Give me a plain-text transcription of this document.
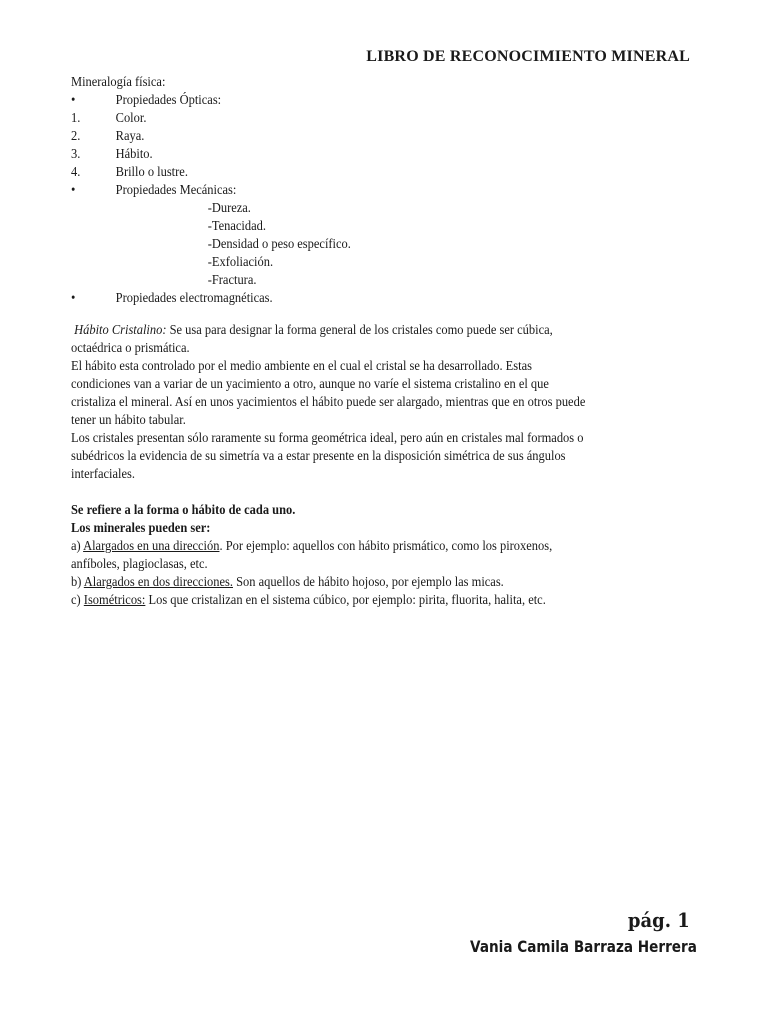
LIBRO DE RECONOCIMIENTO MINERAL
Mineralogía física:
•	Propiedades Ópticas:
1.	Color.
2.	Raya.
3.	Hábito.
4.	Brillo o lustre.
•	Propiedades Mecánicas:
-Dureza.
-Tenacidad.
-Densidad o peso específico.
-Exfoliación.
-Fractura.
•	Propiedades electromagnéticas.
Hábito Cristalino: Se usa para designar la forma general de los cristales como puede ser cúbica,
octaédrica o prismática.
El hábito esta controlado por el medio ambiente en el cual el cristal se ha desarrollado. Estas
condiciones van a variar de un yacimiento a otro, aunque no varíe el sistema cristalino en el que
cristaliza el mineral. Así en unos yacimientos el hábito puede ser alargado, mientras que en otros puede
tener un hábito tabular.
Los cristales presentan sólo raramente su forma geométrica ideal, pero aún en cristales mal formados o
subédricos la evidencia de su simetría va a estar presente en la disposición simétrica de sus ángulos
interfaciales.
Se refiere a la forma o hábito de cada uno.
Los minerales pueden ser:
a) Alargados en una dirección. Por ejemplo: aquellos con hábito prismático, como los piroxenos,
anfíboles, plagioclasas, etc.
b) Alargados en dos direcciones. Son aquellos de hábito hojoso, por ejemplo las micas.
c) Isométricos: Los que cristalizan en el sistema cúbico, por ejemplo: pirita, fluorita, halita, etc.
pág. 1
Vania Camila Barraza Herrera
